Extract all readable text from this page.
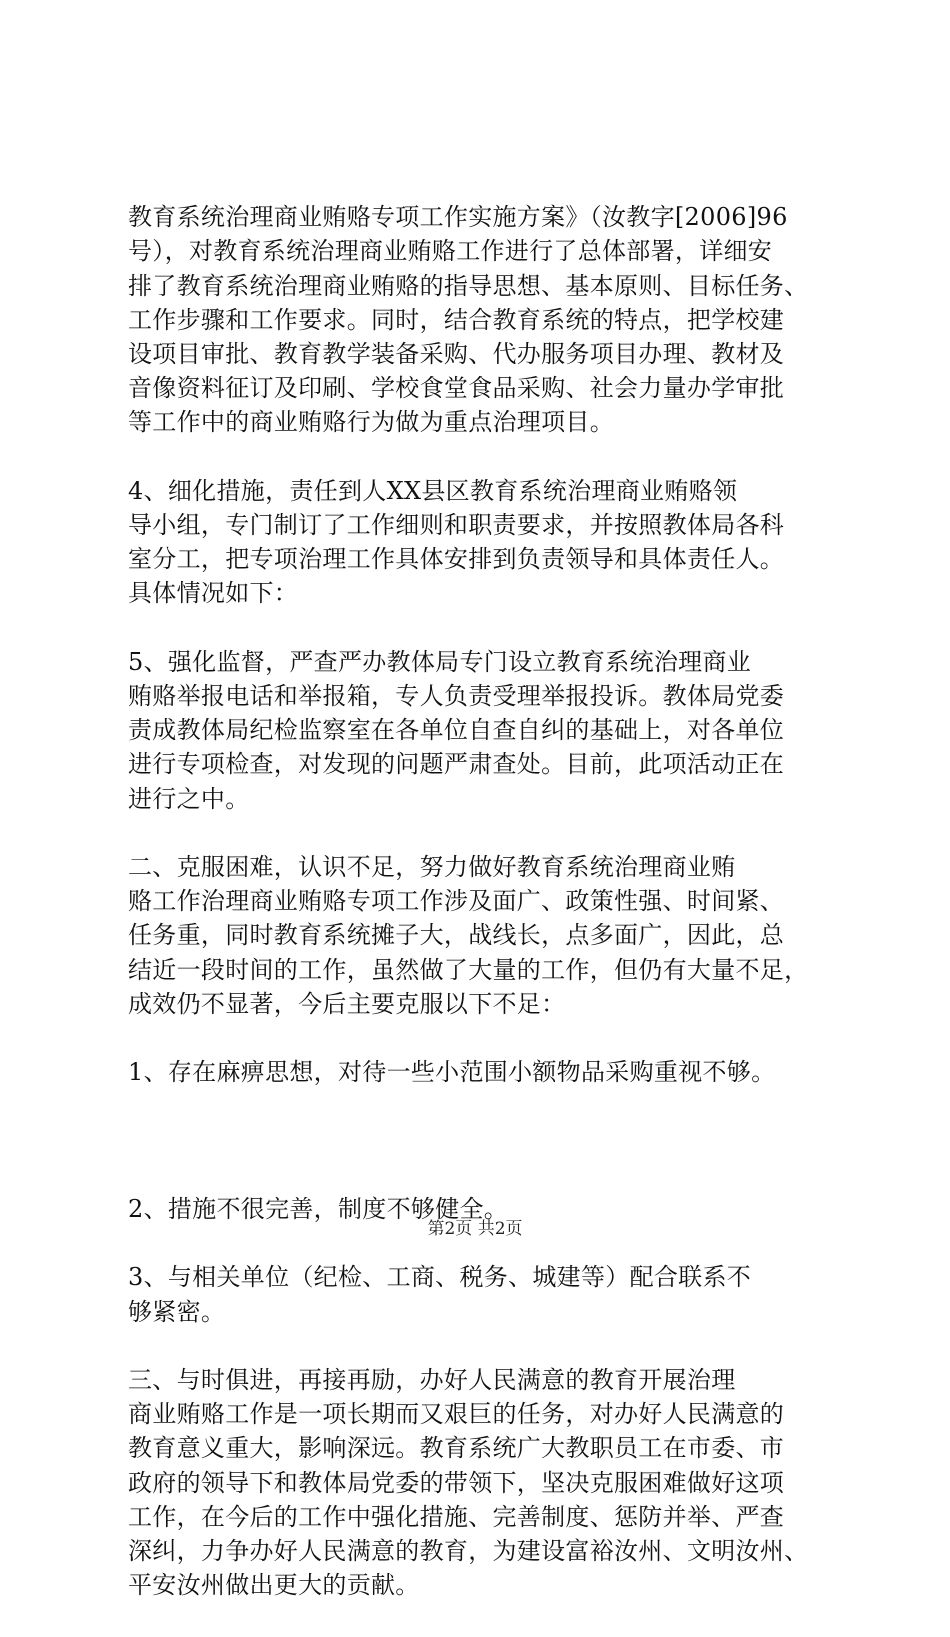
教育系统治理商业贿赂专项工作实施方案》（汝教字[2006]96
号），对教育系统治理商业贿赂工作进行了总体部署，详细安
排了教育系统治理商业贿赂的指导思想、基本原则、目标任务、
工作步骤和工作要求。同时，结合教育系统的特点，把学校建
设项目审批、教育教学装备采购、代办服务项目办理、教材及
音像资料征订及印刷、学校食堂食品采购、社会力量办学审批
等工作中的商业贿赂行为做为重点治理项目。

4、细化措施，责任到人XX县区教育系统治理商业贿赂领
导小组，专门制订了工作细则和职责要求，并按照教体局各科
室分工，把专项治理工作具体安排到负责领导和具体责任人。
具体情况如下：

5、强化监督，严查严办教体局专门设立教育系统治理商业
贿赂举报电话和举报箱，专人负责受理举报投诉。教体局党委
责成教体局纪检监察室在各单位自查自纠的基础上，对各单位
进行专项检查，对发现的问题严肃查处。目前，此项活动正在
进行之中。

二、克服困难，认识不足，努力做好教育系统治理商业贿
赂工作治理商业贿赂专项工作涉及面广、政策性强、时间紧、
任务重，同时教育系统摊子大，战线长，点多面广，因此，总
结近一段时间的工作，虽然做了大量的工作，但仍有大量不足，
成效仍不显著，今后主要克服以下不足：

1、存在麻痹思想，对待一些小范围小额物品采购重视不够。

2、措施不很完善，制度不够健全。

3、与相关单位（纪检、工商、税务、城建等）配合联系不
够紧密。

三、与时俱进，再接再励，办好人民满意的教育开展治理
商业贿赂工作是一项长期而又艰巨的任务，对办好人民满意的
教育意义重大，影响深远。教育系统广大教职员工在市委、市
政府的领导下和教体局党委的带领下，坚决克服困难做好这项
工作，在今后的工作中强化措施、完善制度、惩防并举、严查
深纠，力争办好人民满意的教育，为建设富裕汝州、文明汝州、
平安汝州做出更大的贡献。

第2页 共2页
